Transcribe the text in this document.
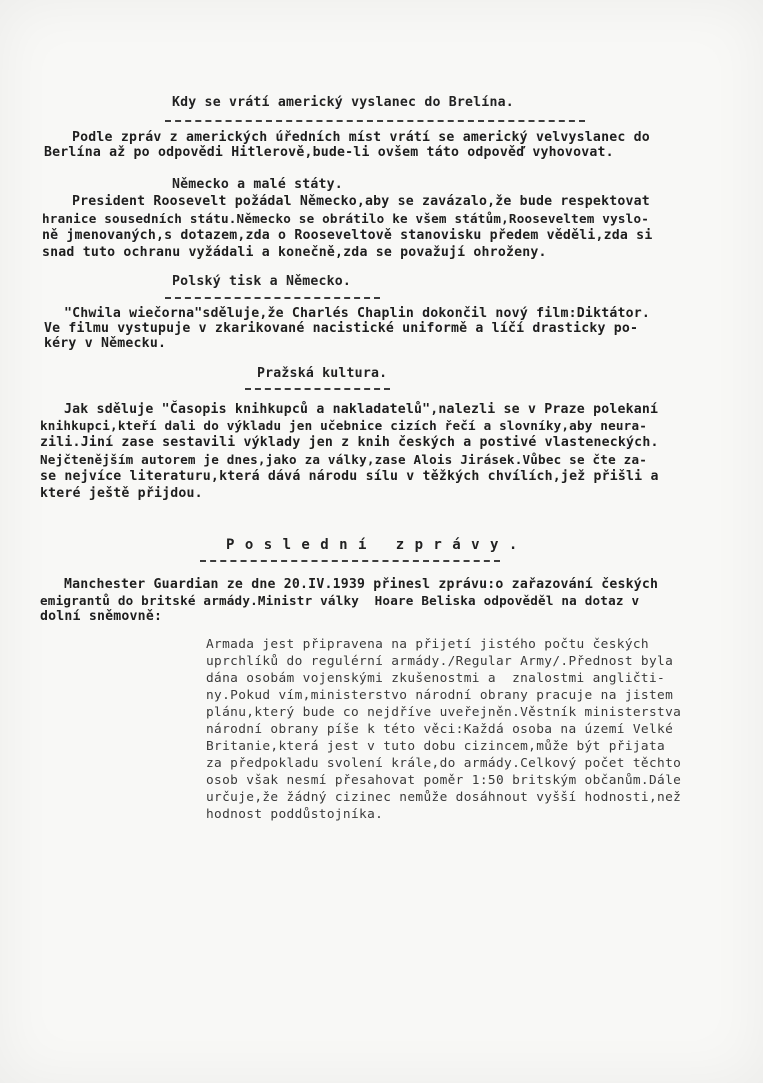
Kdy se vrátí americký vyslanec do Brelína.
Podle zpráv z amerických úředních míst vrátí se americký velvyslanec do
Berlína až po odpovědi Hitlerově,bude-li ovšem táto odpověď vyhovovat.
Německo a malé státy.
President Roosevelt požádal Německo,aby se zavázalo,že bude respektovat
hranice sousedních státu.Německo se obrátilo ke všem státům,Rooseveltem vyslo-
ně jmenovaných,s dotazem,zda o Rooseveltově stanovisku předem věděli,zda si
snad tuto ochranu vyžádali a konečně,zda se považují ohroženy.
Polský tisk a Německo.
"Chwila wiečorna"sděluje,že Charlés Chaplin dokončil nový film:Diktátor.
Ve filmu vystupuje v zkarikované nacistické uniformě a líčí drasticky po-
kéry v Německu.
Pražská kultura.
Jak sděluje "Časopis knihkupců a nakladatelů",nalezli se v Praze polekaní
knihkupci,kteří dali do výkladu jen učebnice cizích řečí a slovníky,aby neura-
zili.Jiní zase sestavili výklady jen z knih českých a postivé vlasteneckých.
Nejčtenějším autorem je dnes,jako za války,zase Alois Jirásek.Vůbec se čte za-
se nejvíce literaturu,která dává národu sílu v těžkých chvílích,jež přišli a
které ještě přijdou.
P o s l e d n í   z p r á v y .
Manchester Guardian ze dne 20.IV.1939 přinesl zprávu:o zařazování českých
emigrantů do britské armády.Ministr války  Hoare Beliska odpověděl na dotaz v
dolní sněmovně:
Armada jest připravena na přijetí jistého počtu českých
uprchlíků do regulérní armády./Regular Army/.Přednost byla
dána osobám vojenskými zkušenostmi a  znalostmi angličti-
ny.Pokud vím,ministerstvo národní obrany pracuje na jistem
plánu,který bude co nejdříve uveřejněn.Věstník ministerstva
národní obrany píše k této věci:Každá osoba na území Velké
Britanie,která jest v tuto dobu cizincem,může být přijata
za předpokladu svolení krále,do armády.Celkový počet těchto
osob však nesmí přesahovat poměr 1:50 britským občanům.Dále
určuje,že žádný cizinec nemůže dosáhnout vyšší hodnosti,než
hodnost poddůstojníka.
